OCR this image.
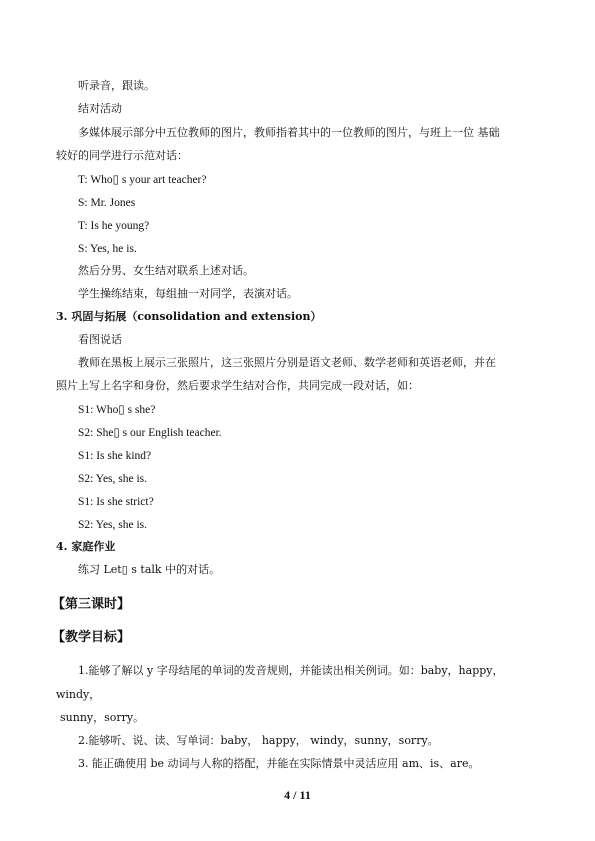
听录音，跟读。
结对活动
多媒体展示部分中五位教师的图片，教师指着其中的一位教师的图片，与班上一位 基础
较好的同学进行示范对话：
T: Who▯ s your art teacher?
S: Mr. Jones
T: Is he young?
S: Yes, he is.
然后分男、女生结对联系上述对话。
学生操练结束，每组抽一对同学，表演对话。
3. 巩固与拓展（consolidation and extension）
看图说话
教师在黑板上展示三张照片，这三张照片分别是语文老师、数学老师和英语老师，并在
照片上写上名字和身份，然后要求学生结对合作，共同完成一段对话，如：
S1: Who▯ s she?
S2: She▯ s our English teacher.
S1: Is she kind?
S2: Yes, she is.
S1: Is she strict?
S2: Yes, she is.
4. 家庭作业
练习 Let▯ s talk 中的对话。
【第三课时】
【教学目标】
1.能够了解以 y 字母结尾的单词的发音规则，并能读出相关例词。如：baby，happy，
windy，
sunny，sorry。
2.能够听、说、读、写单词：baby， happy， windy，sunny，sorry。
3. 能正确使用 be 动词与人称的搭配，并能在实际情景中灵活应用 am、is、are。
4 / 11
